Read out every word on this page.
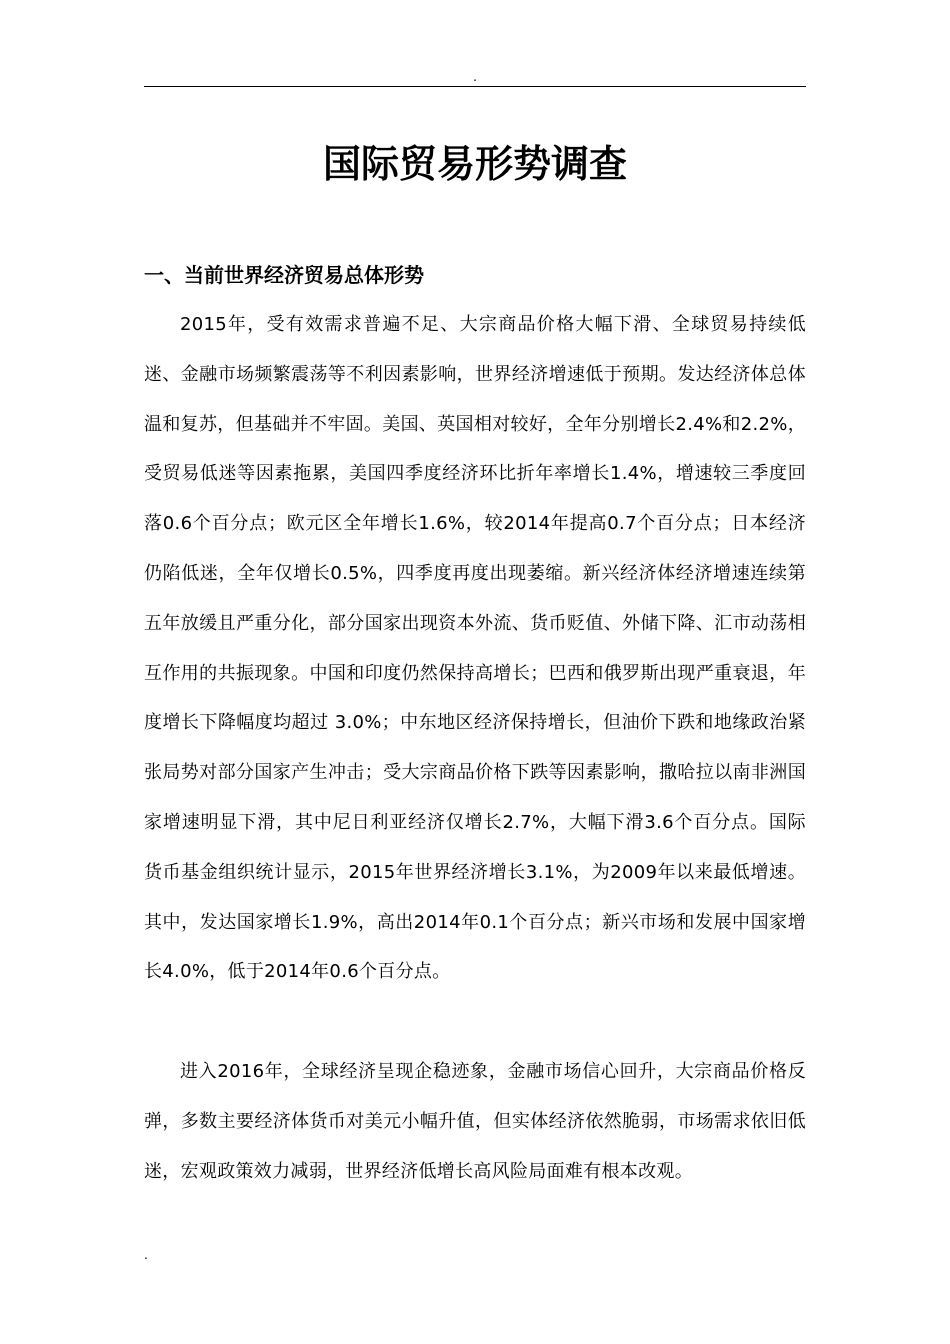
.
国际贸易形势调查
一、当前世界经济贸易总体形势

2015年，受有效需求普遍不足、大宗商品价格大幅下滑、全球贸易持续低迷、金融市场频繁震荡等不利因素影响，世界经济增速低于预期。发达经济体总体温和复苏，但基础并不牢固。美国、英国相对较好，全年分别增长2.4%和2.2%，受贸易低迷等因素拖累，美国四季度经济环比折年率增长1.4%，增速较三季度回落0.6个百分点；欧元区全年增长1.6%，较2014年提高0.7个百分点；日本经济仍陷低迷，全年仅增长0.5%，四季度再度出现萎缩。新兴经济体经济增速连续第五年放缓且严重分化，部分国家出现资本外流、货币贬值、外储下降、汇市动荡相互作用的共振现象。中国和印度仍然保持高增长；巴西和俄罗斯出现严重衰退，年度增长下降幅度均超过 3.0%；中东地区经济保持增长，但油价下跌和地缘政治紧张局势对部分国家产生冲击；受大宗商品价格下跌等因素影响，撒哈拉以南非洲国家增速明显下滑，其中尼日利亚经济仅增长2.7%，大幅下滑3.6个百分点。国际货币基金组织统计显示，2015年世界经济增长3.1%，为2009年以来最低增速。其中，发达国家增长1.9%，高出2014年0.1个百分点；新兴市场和发展中国家增长4.0%，低于2014年0.6个百分点。

进入2016年，全球经济呈现企稳迹象，金融市场信心回升，大宗商品价格反弹，多数主要经济体货币对美元小幅升值，但实体经济依然脆弱，市场需求依旧低迷，宏观政策效力减弱，世界经济低增长高风险局面难有根本改观。

.
